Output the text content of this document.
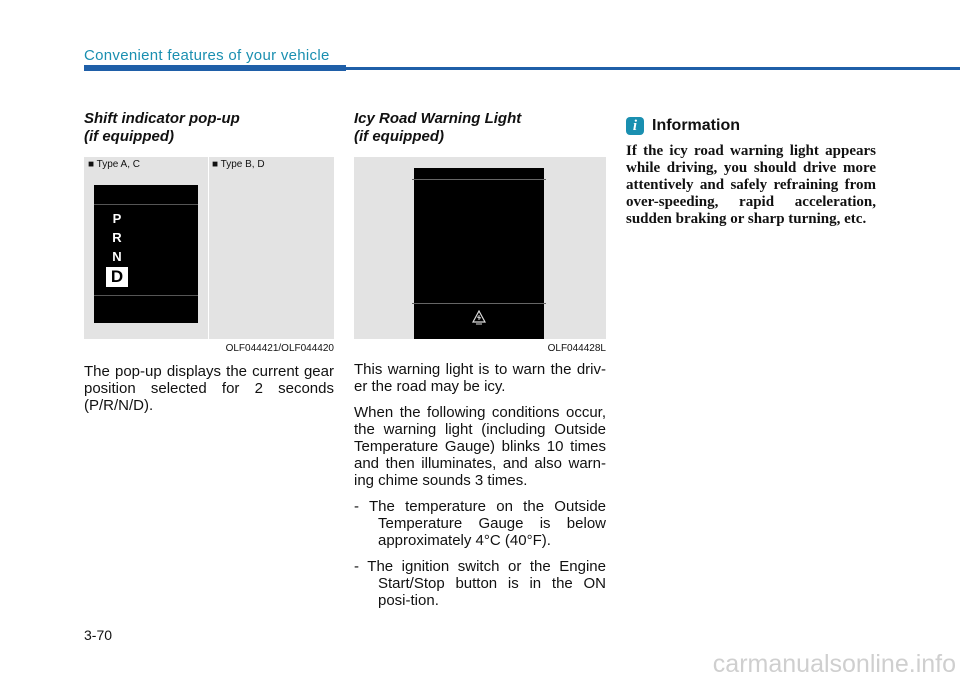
Convenient features of your vehicle
Shift indicator pop-up
(if equipped)
■ Type A, C	■ Type B, D
P
R
N
D
OLF044421/OLF044420

The pop-up displays the current gear position selected for 2 seconds (P/R/N/D).

Icy Road Warning Light
(if equipped)
OLF044428L

This warning light is to warn the driv-er the road may be icy.

When the following conditions occur, the warning light (including Outside Temperature Gauge) blinks 10 times and then illuminates, and also warn-ing chime sounds 3 times.

- The temperature on the Outside Temperature Gauge is below approximately 4°C (40°F).

- The ignition switch or the Engine Start/Stop button is in the ON posi-tion.

i Information

If the icy road warning light appears while driving, you should drive more attentively and safely refraining from over-speeding, rapid acceleration, sudden braking or sharp turning, etc.

3-70
carmanualsonline.info
